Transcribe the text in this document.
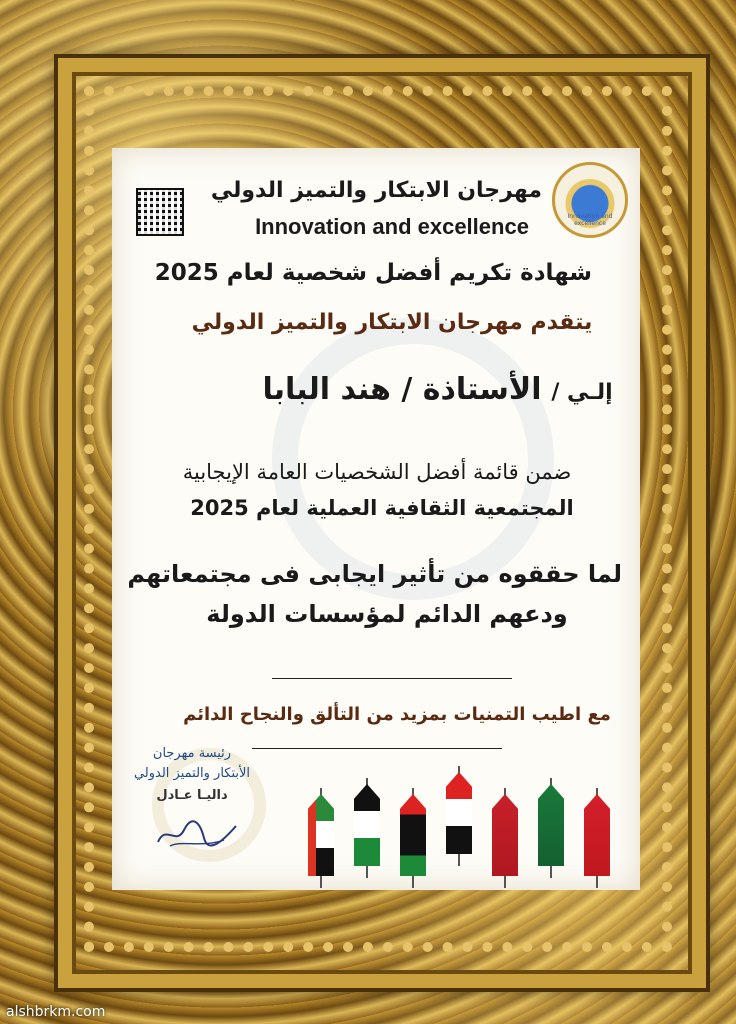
Innovation and excellence
مهرجان الابتكار والتميز الدولي
Innovation and excellence
شهادة تكريم أفضل شخصية لعام 2025
يتقدم مهرجان الابتكار والتميز الدولي
إلـي /
الأستاذة / هند البابا
ضمن قائمة أفضل الشخصيات العامة الإيجابية
المجتمعية الثقافية العملية لعام 2025
لما حققوه من تأثير ايجابى فى مجتمعاتهم
ودعهم الدائم لمؤسسات الدولة
مع اطيب التمنيات بمزيد من التألق والنجاح الدائم
رئيسة مهرجان
الأبتكار والتميز الدولي
داليـا عـادل
alshbrkm.com
